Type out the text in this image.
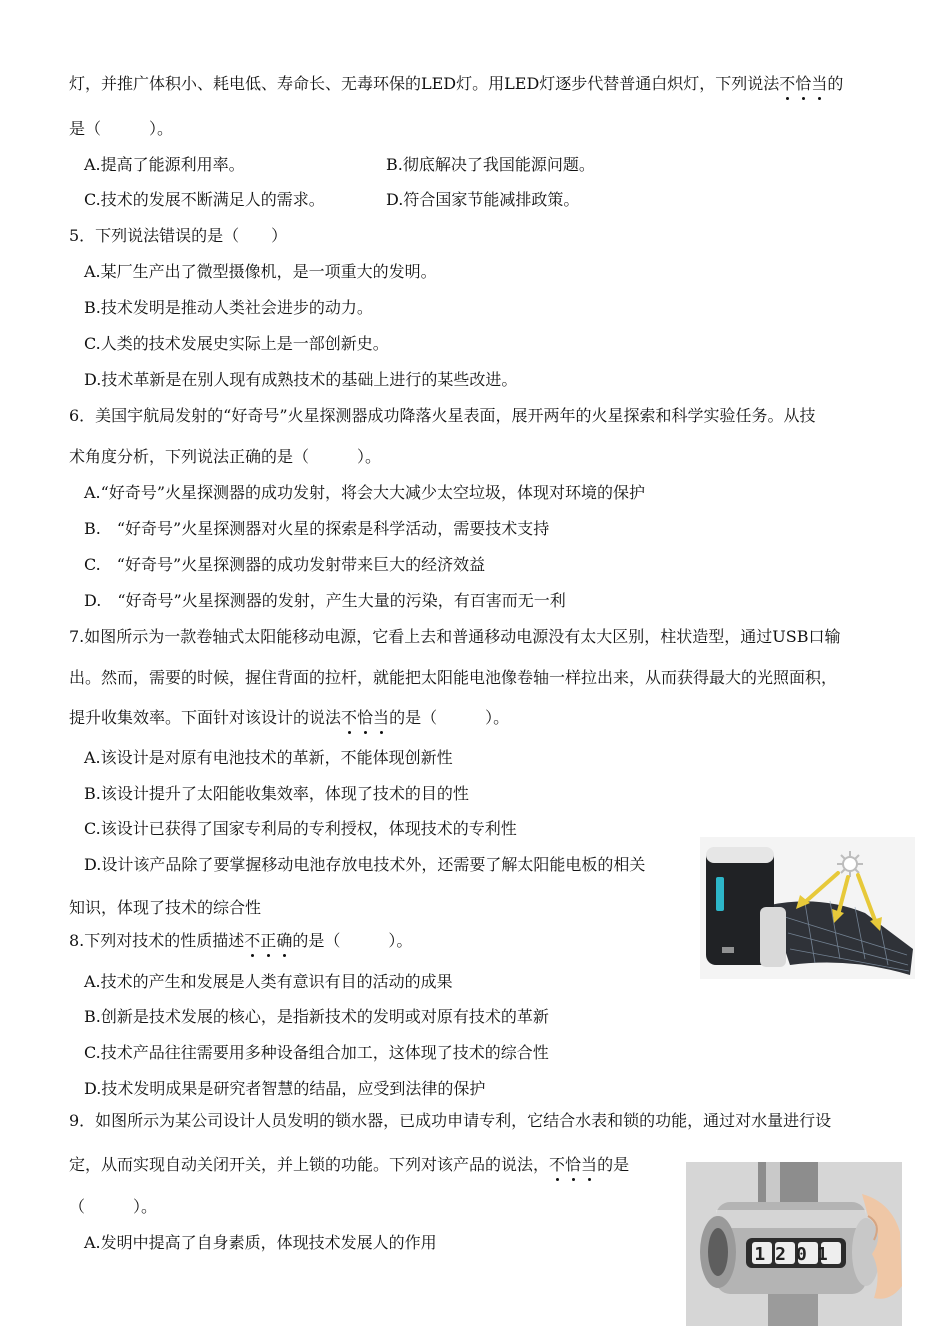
灯，并推广体积小、耗电低、寿命长、无毒环保的LED灯。用LED灯逐步代替普通白炽灯，下列说法不恰当的
是（　　　）。
A.提高了能源利用率。	B.彻底解决了我国能源问题。
C.技术的发展不断满足人的需求。	D.符合国家节能减排政策。
5．下列说法错误的是（　　）
A.某厂生产出了微型摄像机，是一项重大的发明。
B.技术发明是推动人类社会进步的动力。
C.人类的技术发展史实际上是一部创新史。
D.技术革新是在别人现有成熟技术的基础上进行的某些改进。
6．美国宇航局发射的“好奇号”火星探测器成功降落火星表面，展开两年的火星探索和科学实验任务。从技
术角度分析，下列说法正确的是（　　　）。
A.“好奇号”火星探测器的成功发射，将会大大减少太空垃圾，体现对环境的保护
B.　“好奇号”火星探测器对火星的探索是科学活动，需要技术支持
C.　“好奇号”火星探测器的成功发射带来巨大的经济效益
D.　“好奇号”火星探测器的发射，产生大量的污染，有百害而无一利
7.如图所示为一款卷轴式太阳能移动电源，它看上去和普通移动电源没有太大区别，柱状造型，通过USB口输
出。然而，需要的时候，握住背面的拉杆，就能把太阳能电池像卷轴一样拉出来，从而获得最大的光照面积，
提升收集效率。下面针对该设计的说法不恰当的是（　　　）。
A.该设计是对原有电池技术的革新，不能体现创新性
B.该设计提升了太阳能收集效率，体现了技术的目的性
C.该设计已获得了国家专利局的专利授权，体现技术的专利性
D.设计该产品除了要掌握移动电池存放电技术外，还需要了解太阳能电板的相关
知识，体现了技术的综合性
8.下列对技术的性质描述不正确的是（　　　）。
A.技术的产生和发展是人类有意识有目的活动的成果
B.创新是技术发展的核心，是指新技术的发明或对原有技术的革新
C.技术产品往往需要用多种设备组合加工，这体现了技术的综合性
D.技术发明成果是研究者智慧的结晶，应受到法律的保护
9．如图所示为某公司设计人员发明的锁水器，已成功申请专利，它结合水表和锁的功能，通过对水量进行设
定，从而实现自动关闭开关，并上锁的功能。下列对该产品的说法，不恰当的是
（　　　）。
A.发明中提高了自身素质，体现技术发展人的作用
1201
